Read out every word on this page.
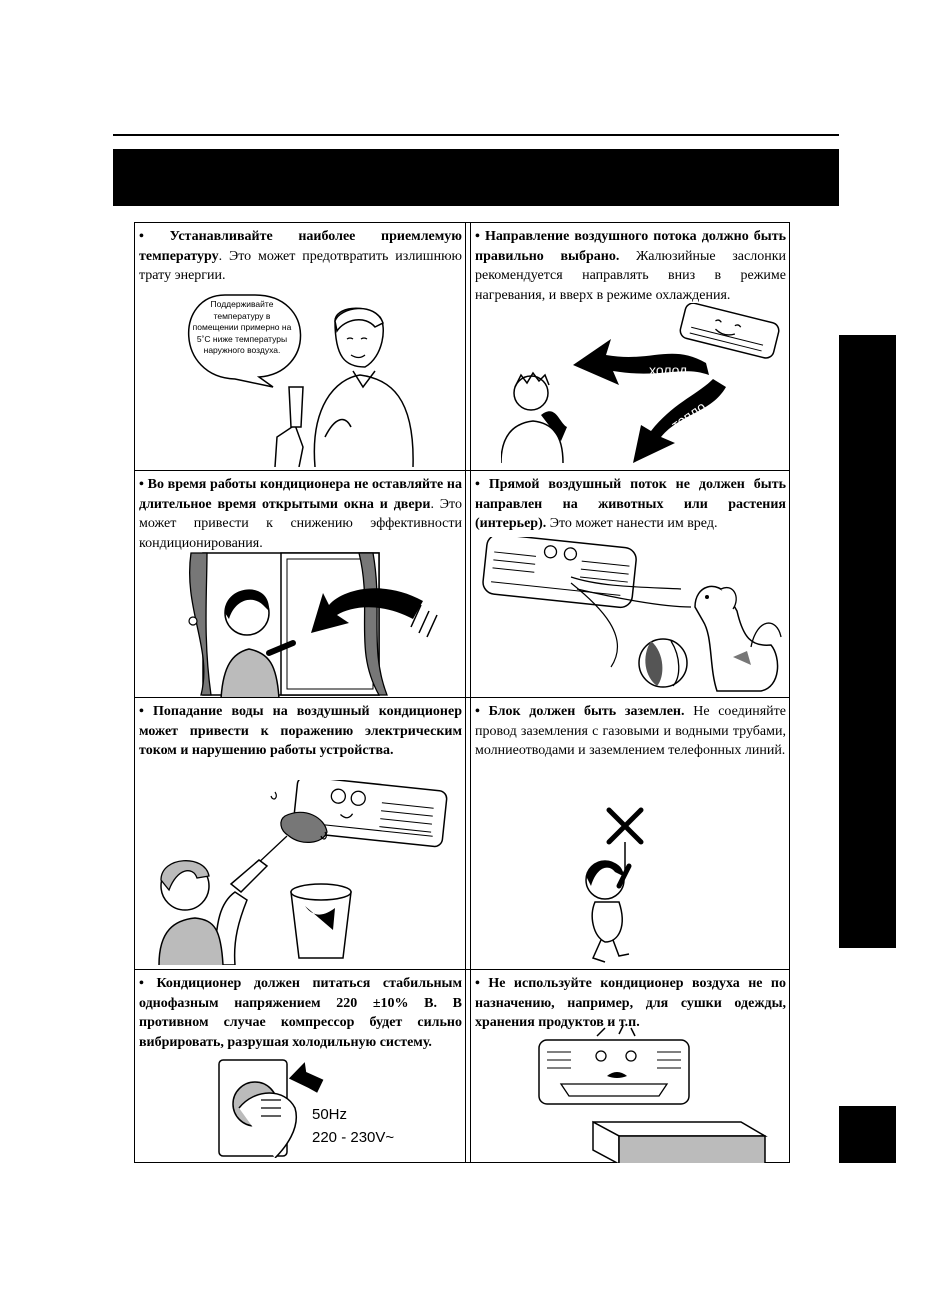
• Устанавливайте наиболее приемлемую температуру. Это может предотвратить излишнюю трату энергии.
Поддерживайте температуру в помещении примерно на 5˚C ниже температуры наружного воздуха.
• Направление воздушного потока должно быть правильно выбрано. Жалюзийные заслонки рекомендуется направлять вниз в режиме нагревания, и вверх в режиме охлаждения.
холод
тепло
• Во время работы кондиционера не оставляйте на длительное время открытыми окна и двери. Это может привести к снижению эффективности кондиционирования.
• Прямой воздушный поток не должен быть направлен на животных или растения (интерьер). Это может нанести им вред.
• Попадание воды на воздушный кондиционер может привести к поражению электрическим током и нарушению работы устройства.
• Блок должен быть заземлен. Не соединяйте провод заземления с газовыми и водными трубами, молниеотводами и заземлением телефонных линий.
• Кондиционер должен питаться стабильным однофазным напряжением 220 ±10% В. В противном случае компрессор будет сильно вибрировать, разрушая холодильную систему.
50Hz
220 - 230V~
• Не используйте кондиционер воздуха не по назначению, например, для сушки одежды, хранения продуктов и т.п.
